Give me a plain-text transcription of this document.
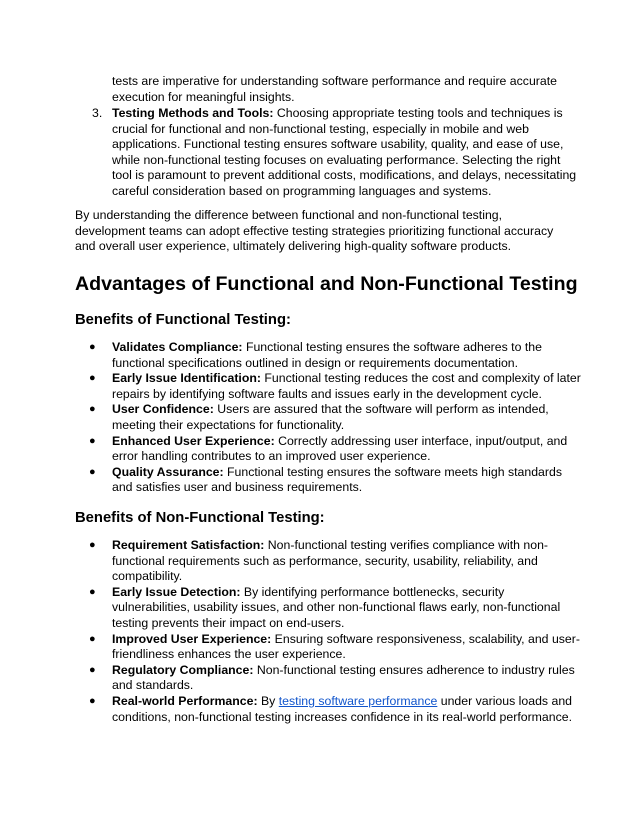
tests are imperative for understanding software performance and require accurate execution for meaningful insights.

3. Testing Methods and Tools: Choosing appropriate testing tools and techniques is crucial for functional and non-functional testing, especially in mobile and web applications. Functional testing ensures software usability, quality, and ease of use, while non-functional testing focuses on evaluating performance. Selecting the right tool is paramount to prevent additional costs, modifications, and delays, necessitating careful consideration based on programming languages and systems.

By understanding the difference between functional and non-functional testing, development teams can adopt effective testing strategies prioritizing functional accuracy and overall user experience, ultimately delivering high-quality software products.

Advantages of Functional and Non-Functional Testing
Benefits of Functional Testing:
● Validates Compliance: Functional testing ensures the software adheres to the functional specifications outlined in design or requirements documentation.
● Early Issue Identification: Functional testing reduces the cost and complexity of later repairs by identifying software faults and issues early in the development cycle.
● User Confidence: Users are assured that the software will perform as intended, meeting their expectations for functionality.
● Enhanced User Experience: Correctly addressing user interface, input/output, and error handling contributes to an improved user experience.
● Quality Assurance: Functional testing ensures the software meets high standards and satisfies user and business requirements.
Benefits of Non-Functional Testing:
● Requirement Satisfaction: Non-functional testing verifies compliance with non-functional requirements such as performance, security, usability, reliability, and compatibility.
● Early Issue Detection: By identifying performance bottlenecks, security vulnerabilities, usability issues, and other non-functional flaws early, non-functional testing prevents their impact on end-users.
● Improved User Experience: Ensuring software responsiveness, scalability, and user-friendliness enhances the user experience.
● Regulatory Compliance: Non-functional testing ensures adherence to industry rules and standards.
● Real-world Performance: By testing software performance under various loads and conditions, non-functional testing increases confidence in its real-world performance.
